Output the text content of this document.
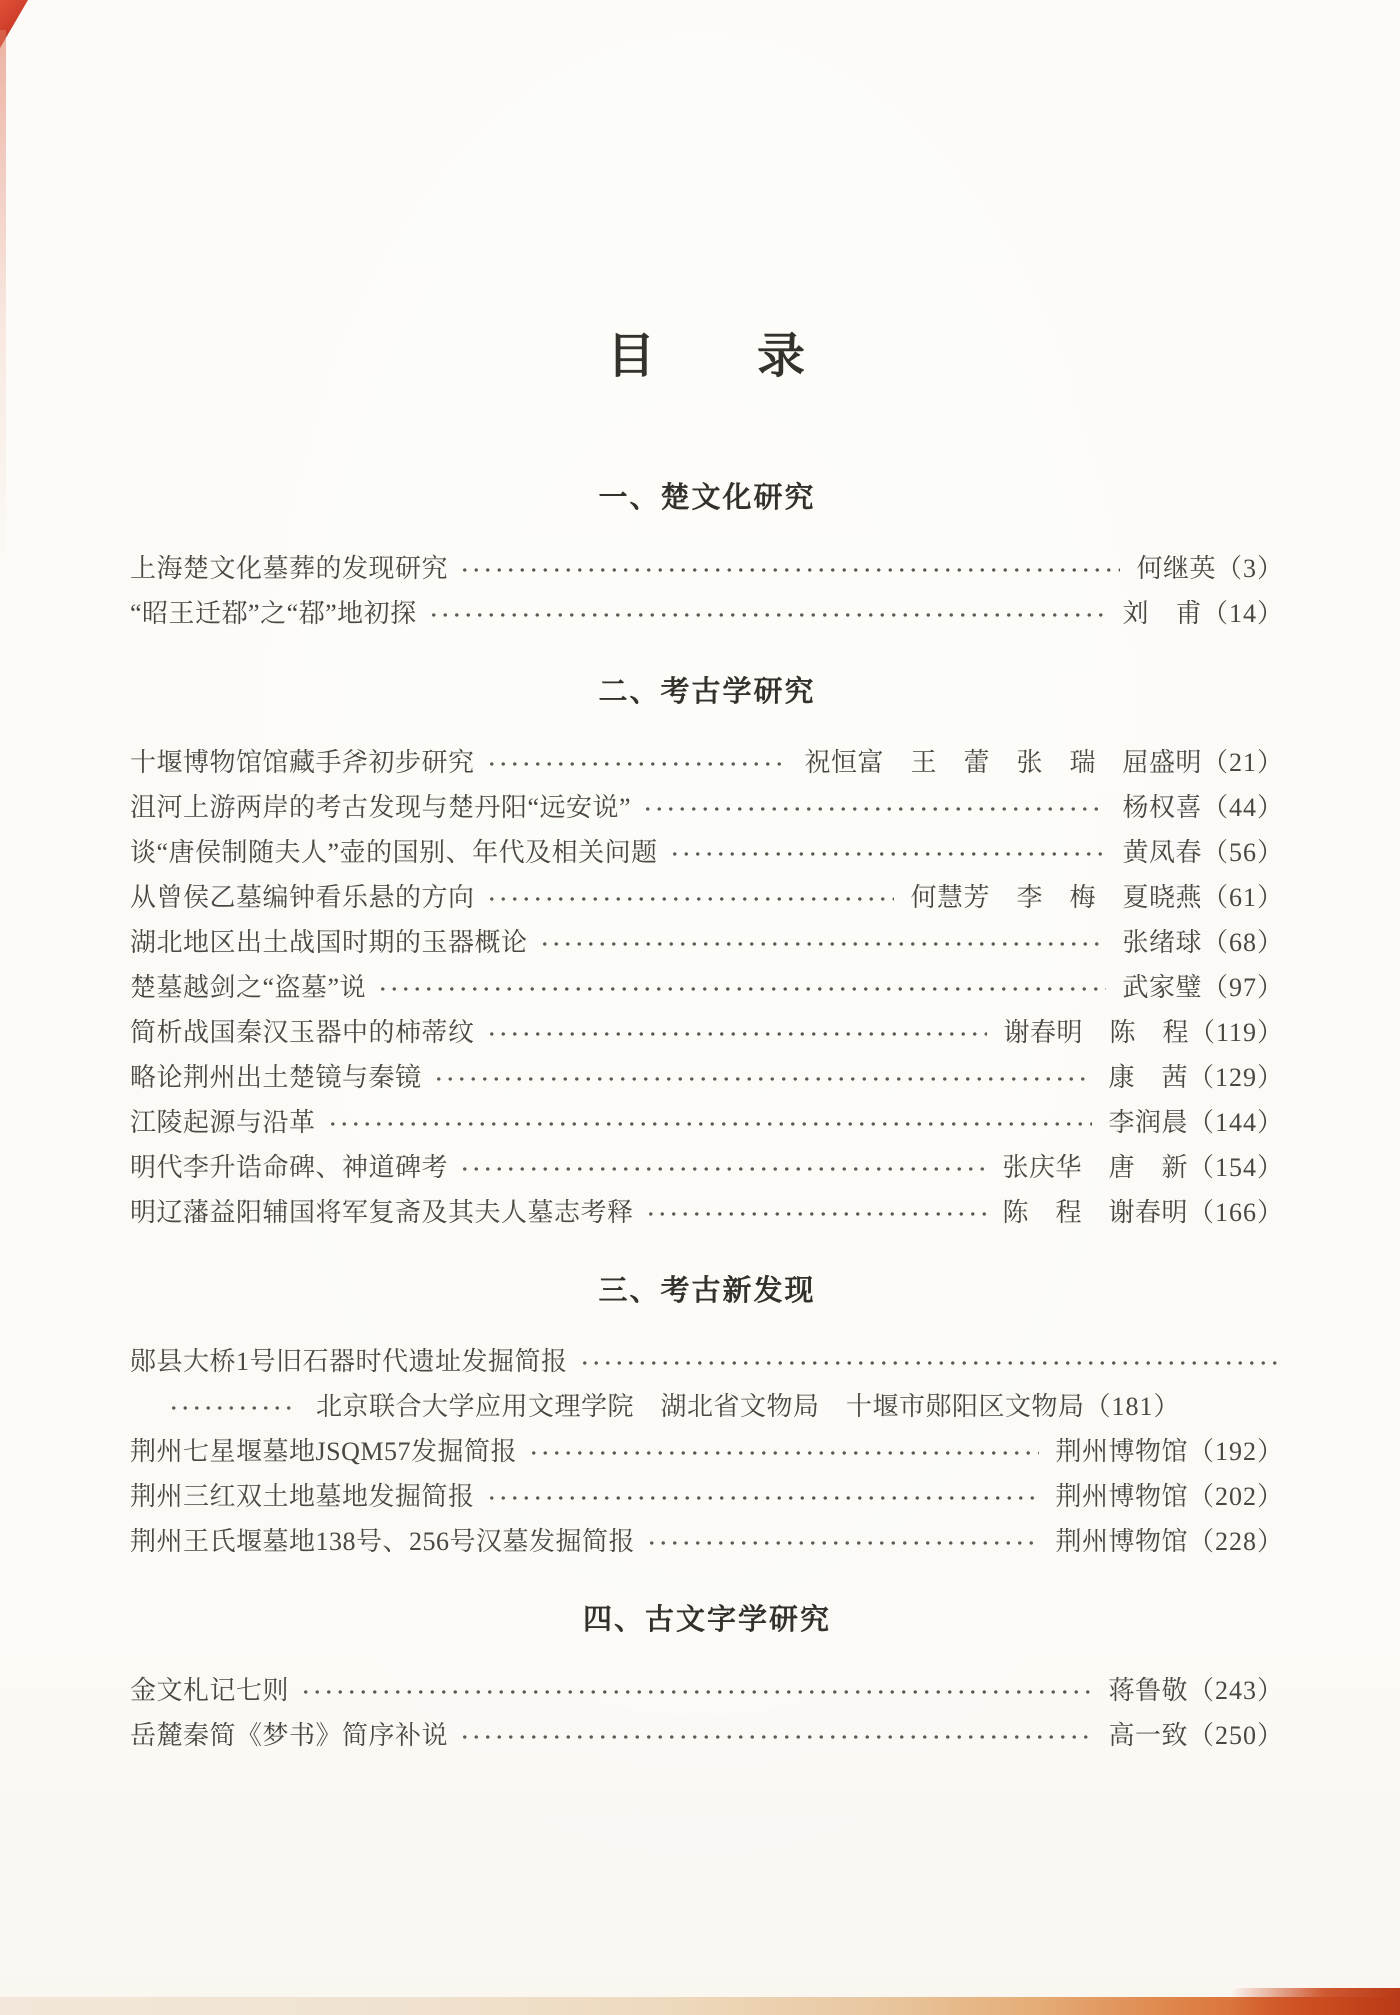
目　　录
一、楚文化研究
上海楚文化墓葬的发现研究	何继英 （3）
“昭王迁鄀”之“鄀”地初探	刘　甫 （14）
二、考古学研究
十堰博物馆馆藏手斧初步研究	祝恒富　王　蕾　张　瑞　屈盛明 （21）
沮河上游两岸的考古发现与楚丹阳“远安说”	杨权喜 （44）
谈“唐侯制随夫人”壶的国别、年代及相关问题	黄凤春 （56）
从曾侯乙墓编钟看乐悬的方向	何慧芳　李　梅　夏晓燕 （61）
湖北地区出土战国时期的玉器概论	张绪球 （68）
楚墓越剑之“盗墓”说	武家璧 （97）
简析战国秦汉玉器中的柿蒂纹	谢春明　陈　程 （119）
略论荆州出土楚镜与秦镜	康　茜 （129）
江陵起源与沿革	李润晨 （144）
明代李升诰命碑、神道碑考	张庆华　唐　新 （154）
明辽藩益阳辅国将军复斋及其夫人墓志考释	陈　程　谢春明 （166）
三、考古新发现
郧县大桥1号旧石器时代遗址发掘简报
北京联合大学应用文理学院　湖北省文物局　十堰市郧阳区文物局 （181）
荆州七星堰墓地JSQM57发掘简报	荆州博物馆 （192）
荆州三红双土地墓地发掘简报	荆州博物馆 （202）
荆州王氏堰墓地138号、256号汉墓发掘简报	荆州博物馆 （228）
四、古文字学研究
金文札记七则	蒋鲁敬 （243）
岳麓秦简《梦书》简序补说	高一致 （250）
